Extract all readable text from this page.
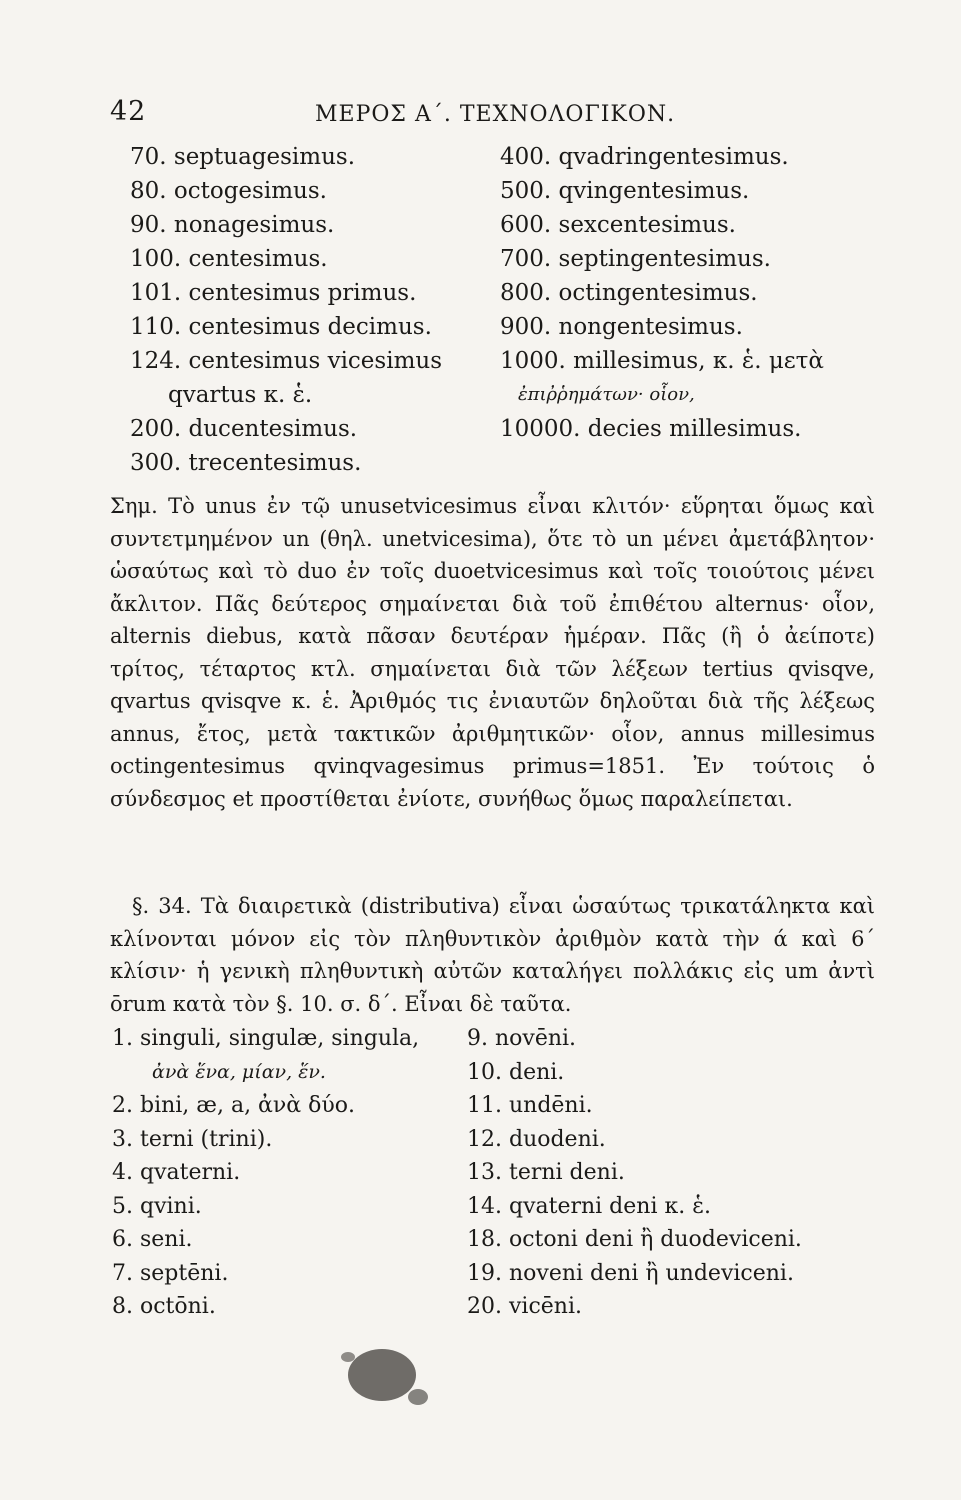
42	ΜΕΡΟΣ Α΄. ΤΕΧΝΟΛΟΓΙΚΟΝ.
70. septuagesimus.
80. octogesimus.
90. nonagesimus.
100. centesimus.
101. centesimus primus.
110. centesimus decimus.
124. centesimus vicesimus
qvartus κ. ἑ.
200. ducentesimus.
300. trecentesimus.
400. qvadringentesimus.
500. qvingentesimus.
600. sexcentesimus.
700. septingentesimus.
800. octingentesimus.
900. nongentesimus.
1000. millesimus, κ. ἑ. μετὰ
ἐπιῤῥημάτων· οἷον,
10000. decies millesimus.

Σημ. Τὸ unus ἐν τῷ unusetvicesimus εἶναι κλιτόν· εὕρηται ὅμως καὶ συντετμημένον un (θηλ. unetvicesima), ὅτε τὸ un μένει ἀμετάβλητον· ὡσαύτως καὶ τὸ duo ἐν τοῖς duoetvicesimus καὶ τοῖς τοιούτοις μένει ἄκλιτον. Πᾶς δεύτερος σημαίνεται διὰ τοῦ ἐπιθέτου alternus· οἷον, alternis diebus, κατὰ πᾶσαν δευτέραν ἡμέραν. Πᾶς (ἢ ὁ ἀείποτε) τρίτος, τέταρτος κτλ. σημαίνεται διὰ τῶν λέξεων tertius qvisqve, qvartus qvisqve κ. ἑ. Ἀριθμός τις ἐνιαυτῶν δηλοῦται διὰ τῆς λέξεως annus, ἔτος, μετὰ τακτικῶν ἀριθμητικῶν· οἷον, annus millesimus octingentesimus qvinqvagesimus primus=1851. Ἐν τούτοις ὁ σύνδεσμος et προστίθεται ἐνίοτε, συνήθως ὅμως παραλείπεται.

§. 34. Τὰ διαιρετικὰ (distributiva) εἶναι ὡσαύτως τρικατάληκτα καὶ κλίνονται μόνον εἰς τὸν πληθυντικὸν ἀριθμὸν κατὰ τὴν ά καὶ 6΄ κλίσιν· ἡ γενικὴ πληθυντικὴ αὐτῶν καταλήγει πολλάκις εἰς um ἀντὶ ōrum κατὰ τὸν §. 10. σ. δ΄. Εἶναι δὲ ταῦτα.

1. singuli, singulæ, singula,
ἀνὰ ἕνα, μίαν, ἕν.
2. bini, æ, a, ἀνὰ δύο.
3. terni (trini).
4. qvaterni.
5. qvini.
6. seni.
7. septēni.
8. octōni.
9. novēni.
10. deni.
11. undēni.
12. duodeni.
13. terni deni.
14. qvaterni deni κ. ἑ.
18. octoni deni ἢ duodeviceni.
19. noveni deni ἢ undeviceni.
20. vicēni.
